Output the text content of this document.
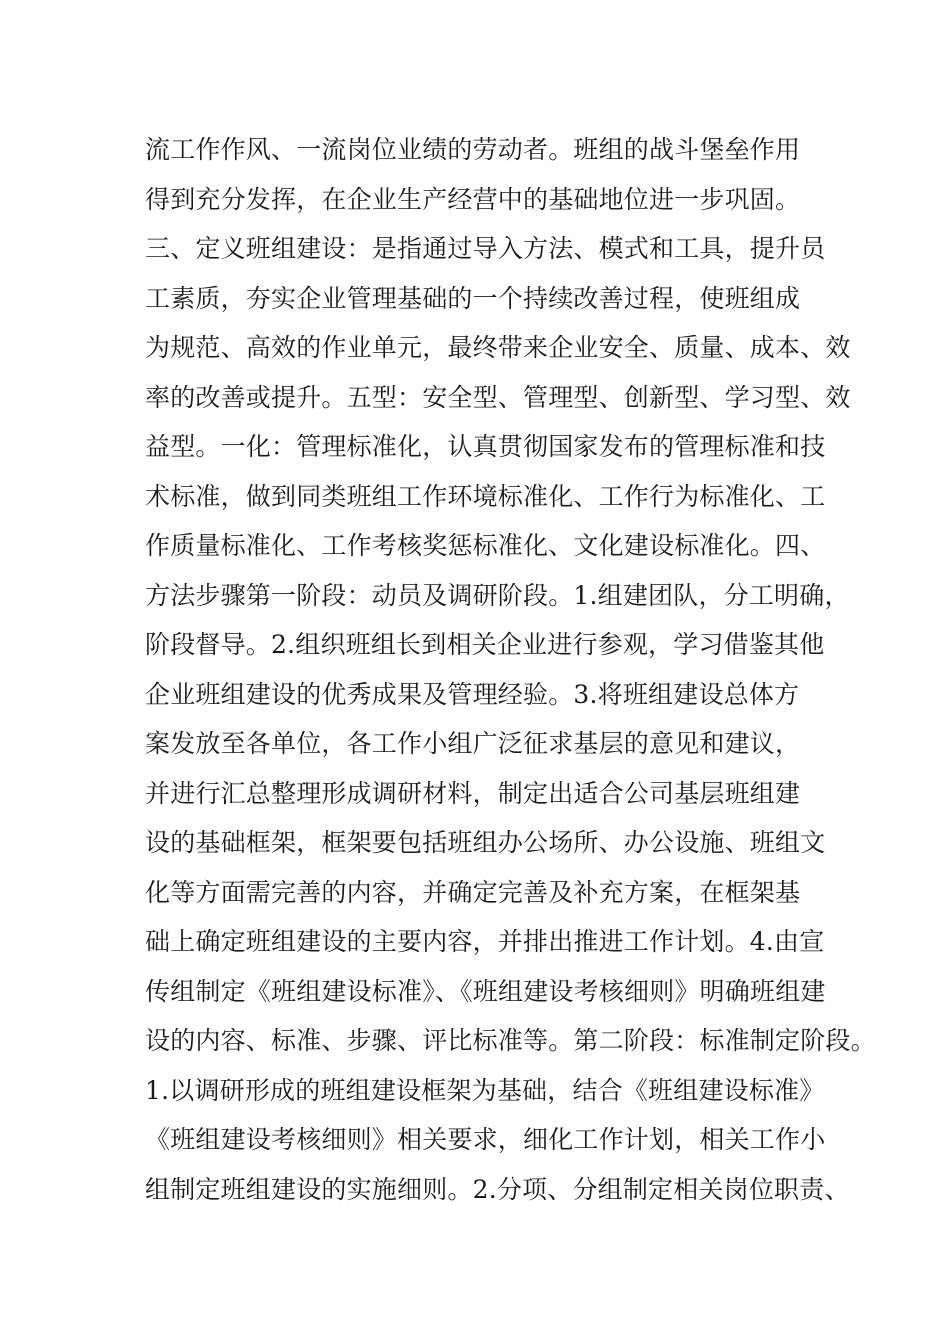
流工作作风、一流岗位业绩的劳动者。班组的战斗堡垒作用
得到充分发挥，在企业生产经营中的基础地位进一步巩固。
三、定义班组建设：是指通过导入方法、模式和工具，提升员
工素质，夯实企业管理基础的一个持续改善过程，使班组成
为规范、高效的作业单元，最终带来企业安全、质量、成本、效
率的改善或提升。五型：安全型、管理型、创新型、学习型、效
益型。一化：管理标准化，认真贯彻国家发布的管理标准和技
术标准，做到同类班组工作环境标准化、工作行为标准化、工
作质量标准化、工作考核奖惩标准化、文化建设标准化。四、
方法步骤第一阶段：动员及调研阶段。1.组建团队，分工明确，
阶段督导。2.组织班组长到相关企业进行参观，学习借鉴其他
企业班组建设的优秀成果及管理经验。3.将班组建设总体方
案发放至各单位，各工作小组广泛征求基层的意见和建议，
并进行汇总整理形成调研材料，制定出适合公司基层班组建
设的基础框架，框架要包括班组办公场所、办公设施、班组文
化等方面需完善的内容，并确定完善及补充方案，在框架基
础上确定班组建设的主要内容，并排出推进工作计划。4.由宣
传组制定《班组建设标准》、《班组建设考核细则》明确班组建
设的内容、标准、步骤、评比标准等。第二阶段：标准制定阶段。
1.以调研形成的班组建设框架为基础，结合《班组建设标准》
《班组建设考核细则》相关要求，细化工作计划，相关工作小
组制定班组建设的实施细则。2.分项、分组制定相关岗位职责、
